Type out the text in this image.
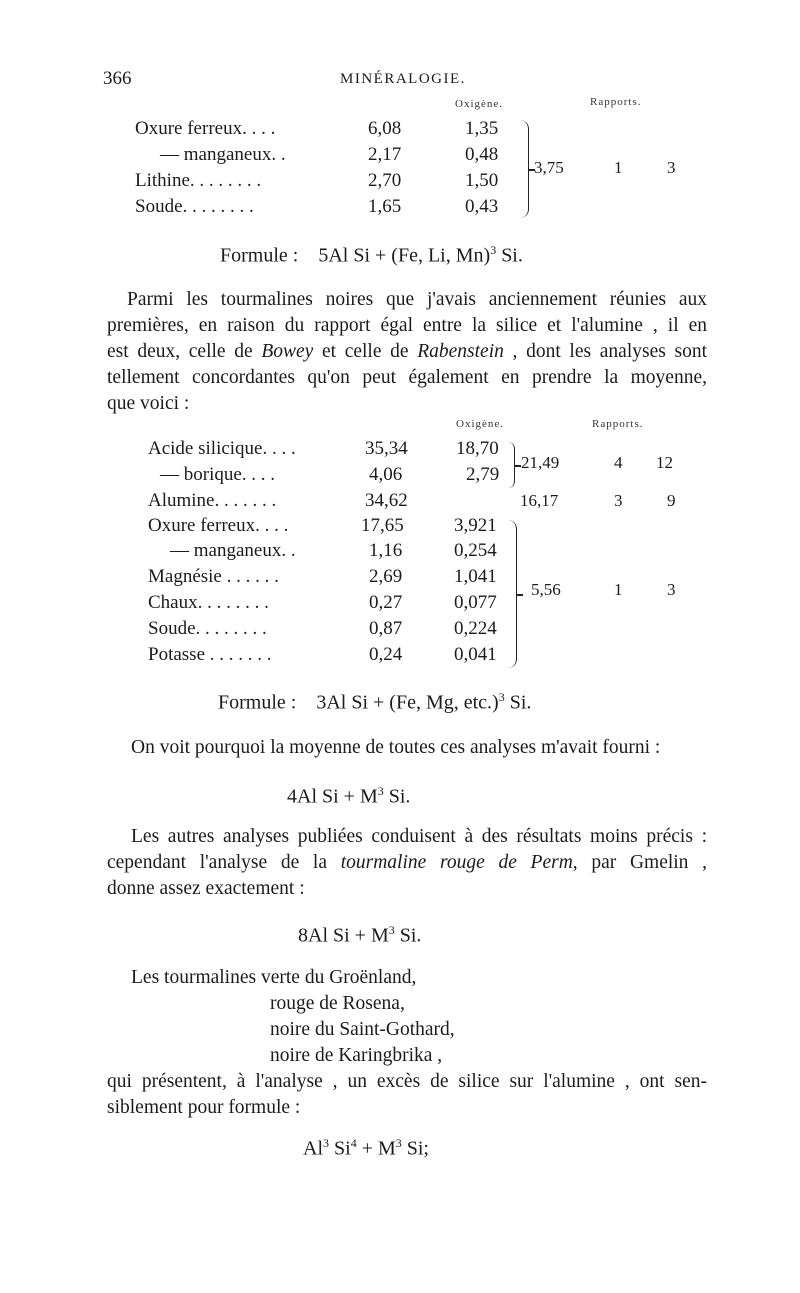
366	MINÉRALOGIE.
Oxigène.	Rapports.
Oxure ferreux. . . .	6,08	1,35
— manganeux. .	2,17	0,48
Lithine. . . . . . . .	2,70	1,50
Soude. . . . . . . .	1,65	0,43
3,75	1	3
Formule : 5Al Si + (Fe, Li, Mn)$^3$ Si.
Parmi les tourmalines noires que j'avais anciennement réunies aux
premières, en raison du rapport égal entre la silice et l'alumine , il en
est deux, celle de Bowey et celle de Rabenstein , dont les analyses sont
tellement concordantes qu'on peut également en prendre la moyenne,
que voici :
Oxigène.	Rapports.
Acide silicique. . . .	35,34	18,70
— borique. . . .	4,06	2,79
Alumine. . . . . . .	34,62
Oxure ferreux. . . .	17,65	3,921
— manganeux. .	1,16	0,254
Magnésie . . . . . .	2,69	1,041
Chaux. . . . . . . .	0,27	0,077
Soude. . . . . . . .	0,87	0,224
Potasse . . . . . . .	0,24	0,041
21,49	4 12
16,17	3	9
5,56	1	3
Formule : 3Al Si + (Fe, Mg, etc.)$^3$ Si.
On voit pourquoi la moyenne de toutes ces analyses m'avait fourni :
4Al $Si + M^3$ Si.
Les autres analyses publiées conduisent à des résultats moins précis :
cependant l'analyse de la tourmaline rouge de Perm, par Gmelin ,
donne assez exactement :
8Al $Si + M^3$ Si.
Les tourmalines verte du Groënland,
rouge de Rosena,
noire du Saint-Gothard,
noire de Karingbrika ,
qui présentent, à l'analyse , un excès de silice sur l'alumine , ont sen-
siblement pour formule :
Al$^3$ $Si^4 + M^3$ Si;
